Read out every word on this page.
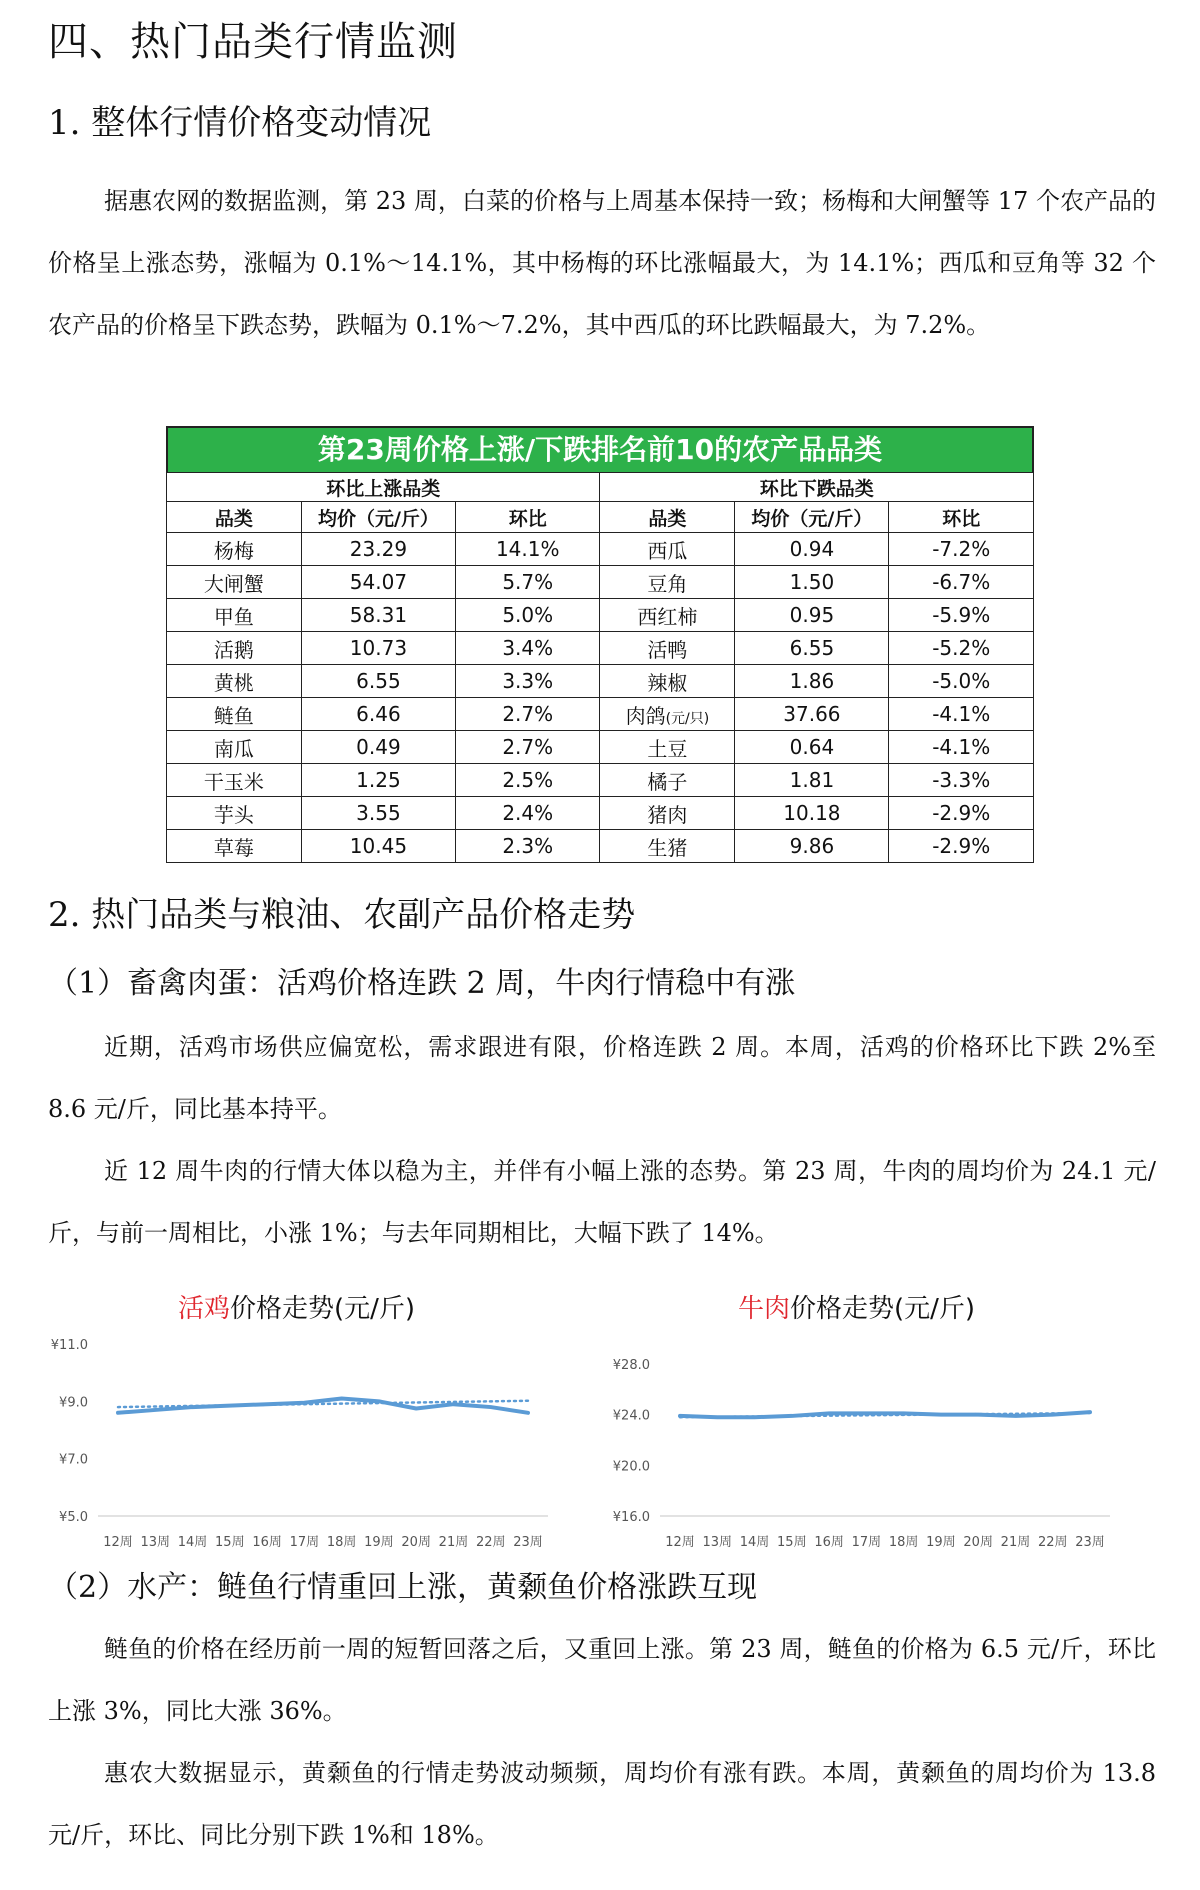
四、热门品类行情监测
1. 整体行情价格变动情况

据惠农网的数据监测，第 23 周，白菜的价格与上周基本保持一致；杨梅和大闸蟹等 17 个农产品的价格呈上涨态势，涨幅为 0.1%～14.1%，其中杨梅的环比涨幅最大，为 14.1%；西瓜和豆角等 32 个农产品的价格呈下跌态势，跌幅为 0.1%～7.2%，其中西瓜的环比跌幅最大，为 7.2%。

第23周价格上涨/下跌排名前10的农产品品类
环比上涨品类			环比下跌品类		
品类	均价（元/斤）	环比	品类	均价（元/斤）	环比
杨梅	23.29	14.1%	西瓜	0.94	-7.2%
大闸蟹	54.07	5.7%	豆角	1.50	-6.7%
甲鱼	58.31	5.0%	西红柿	0.95	-5.9%
活鹅	10.73	3.4%	活鸭	6.55	-5.2%
黄桃	6.55	3.3%	辣椒	1.86	-5.0%
鲢鱼	6.46	2.7%	肉鸽(元/只)	37.66	-4.1%
南瓜	0.49	2.7%	土豆	0.64	-4.1%
干玉米	1.25	2.5%	橘子	1.81	-3.3%
芋头	3.55	2.4%	猪肉	10.18	-2.9%
草莓	10.45	2.3%	生猪	9.86	-2.9%
2. 热门品类与粮油、农副产品价格走势
（1）畜禽肉蛋：活鸡价格连跌 2 周，牛肉行情稳中有涨

近期，活鸡市场供应偏宽松，需求跟进有限，价格连跌 2 周。本周，活鸡的价格环比下跌 2%至 8.6 元/斤，同比基本持平。

近 12 周牛肉的行情大体以稳为主，并伴有小幅上涨的态势。第 23 周，牛肉的周均价为 24.1 元/斤，与前一周相比，小涨 1%；与去年同期相比，大幅下跌了 14%。

活鸡价格走势(元/斤)	牛肉价格走势(元/斤)
¥5.0
¥7.0
¥9.0
¥11.0
12周 13周 14周 15周 16周 17周 18周 19周 20周 21周 22周 23周
¥16.0
¥20.0
¥24.0
¥28.0
12周 13周 14周 15周 16周 17周 18周 19周 20周 21周 22周 23周
（2）水产：鲢鱼行情重回上涨，黄颡鱼价格涨跌互现

鲢鱼的价格在经历前一周的短暂回落之后，又重回上涨。第 23 周，鲢鱼的价格为 6.5 元/斤，环比上涨 3%，同比大涨 36%。

惠农大数据显示，黄颡鱼的行情走势波动频频，周均价有涨有跌。本周，黄颡鱼的周均价为 13.8 元/斤，环比、同比分别下跌 1%和 18%。
